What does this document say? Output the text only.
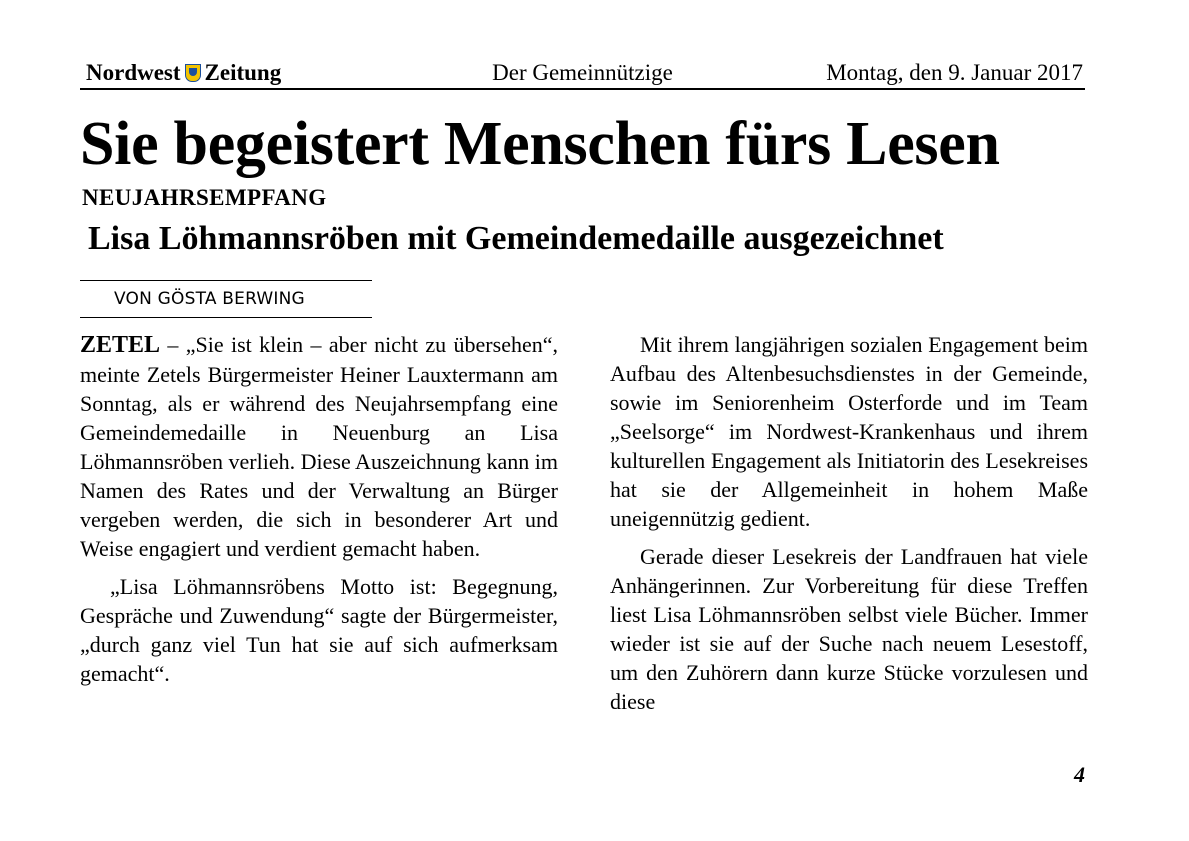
Nordwest Zeitung	Der Gemeinnützige	Montag, den 9. Januar 2017
Sie begeistert Menschen fürs Lesen
NEUJAHRSEMPFANG
Lisa Löhmannsröben mit Gemeindemedaille ausgezeichnet
VON GÖSTA BERWING

ZETEL – „Sie ist klein – aber nicht zu übersehen“, meinte Zetels Bürgermeister Heiner Lauxtermann am Sonntag, als er während des Neujahrsempfang eine Gemeindemedaille in Neuenburg an Lisa Löhmannsröben verlieh. Diese Auszeichnung kann im Namen des Rates und der Verwaltung an Bürger vergeben werden, die sich in besonderer Art und Weise engagiert und verdient gemacht haben.

„Lisa Löhmannsröbens Motto ist: Begegnung, Gespräche und Zuwendung“ sagte der Bürgermeister, „durch ganz viel Tun hat sie auf sich aufmerksam gemacht“.

Mit ihrem langjährigen sozialen Engagement beim Aufbau des Altenbesuchsdienstes in der Gemeinde, sowie im Seniorenheim Osterforde und im Team „Seelsorge“ im Nordwest-Krankenhaus und ihrem kulturellen Engagement als Initiatorin des Lesekreises hat sie der Allgemeinheit in hohem Maße uneigennützig gedient.

Gerade dieser Lesekreis der Landfrauen hat viele Anhängerinnen. Zur Vorbereitung für diese Treffen liest Lisa Löhmannsröben selbst viele Bücher. Immer wieder ist sie auf der Suche nach neuem Lesestoff, um den Zuhörern dann kurze Stücke vorzulesen und diese

4
